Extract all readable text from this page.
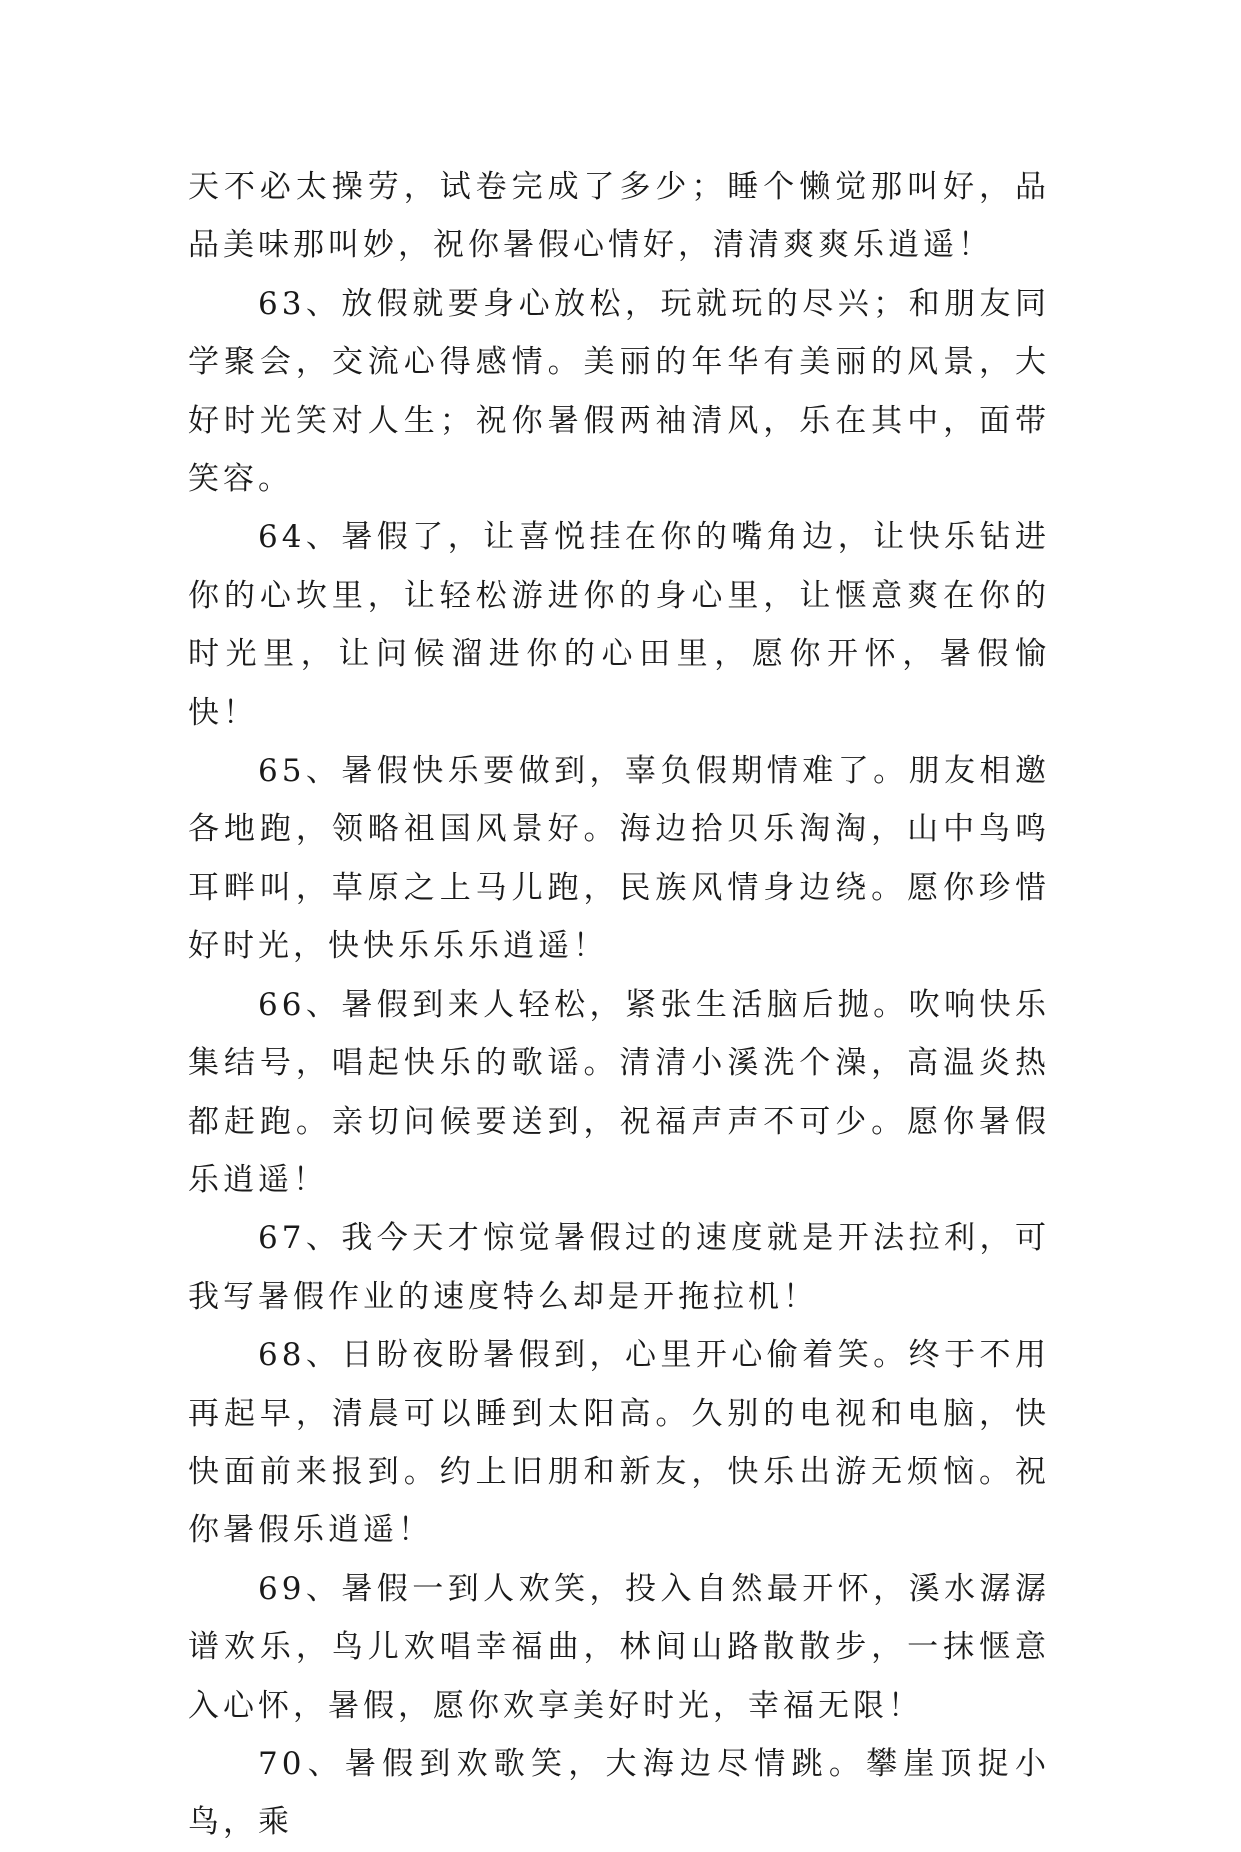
天不必太操劳，试卷完成了多少；睡个懒觉那叫好，品品美味那叫妙，祝你暑假心情好，清清爽爽乐逍遥！

63、放假就要身心放松，玩就玩的尽兴；和朋友同学聚会，交流心得感情。美丽的年华有美丽的风景，大好时光笑对人生；祝你暑假两袖清风，乐在其中，面带笑容。

64、暑假了，让喜悦挂在你的嘴角边，让快乐钻进你的心坎里，让轻松游进你的身心里，让惬意爽在你的时光里，让问候溜进你的心田里，愿你开怀，暑假愉快！

65、暑假快乐要做到，辜负假期情难了。朋友相邀各地跑，领略祖国风景好。海边拾贝乐淘淘，山中鸟鸣耳畔叫，草原之上马儿跑，民族风情身边绕。愿你珍惜好时光，快快乐乐乐逍遥！

66、暑假到来人轻松，紧张生活脑后抛。吹响快乐集结号，唱起快乐的歌谣。清清小溪洗个澡，高温炎热都赶跑。亲切问候要送到，祝福声声不可少。愿你暑假乐逍遥！

67、我今天才惊觉暑假过的速度就是开法拉利，可我写暑假作业的速度特么却是开拖拉机！

68、日盼夜盼暑假到，心里开心偷着笑。终于不用再起早，清晨可以睡到太阳高。久别的电视和电脑，快快面前来报到。约上旧朋和新友，快乐出游无烦恼。祝你暑假乐逍遥！

69、暑假一到人欢笑，投入自然最开怀，溪水潺潺谱欢乐，鸟儿欢唱幸福曲，林间山路散散步，一抹惬意入心怀，暑假，愿你欢享美好时光，幸福无限！

70、暑假到欢歌笑，大海边尽情跳。攀崖顶捉小鸟，乘
